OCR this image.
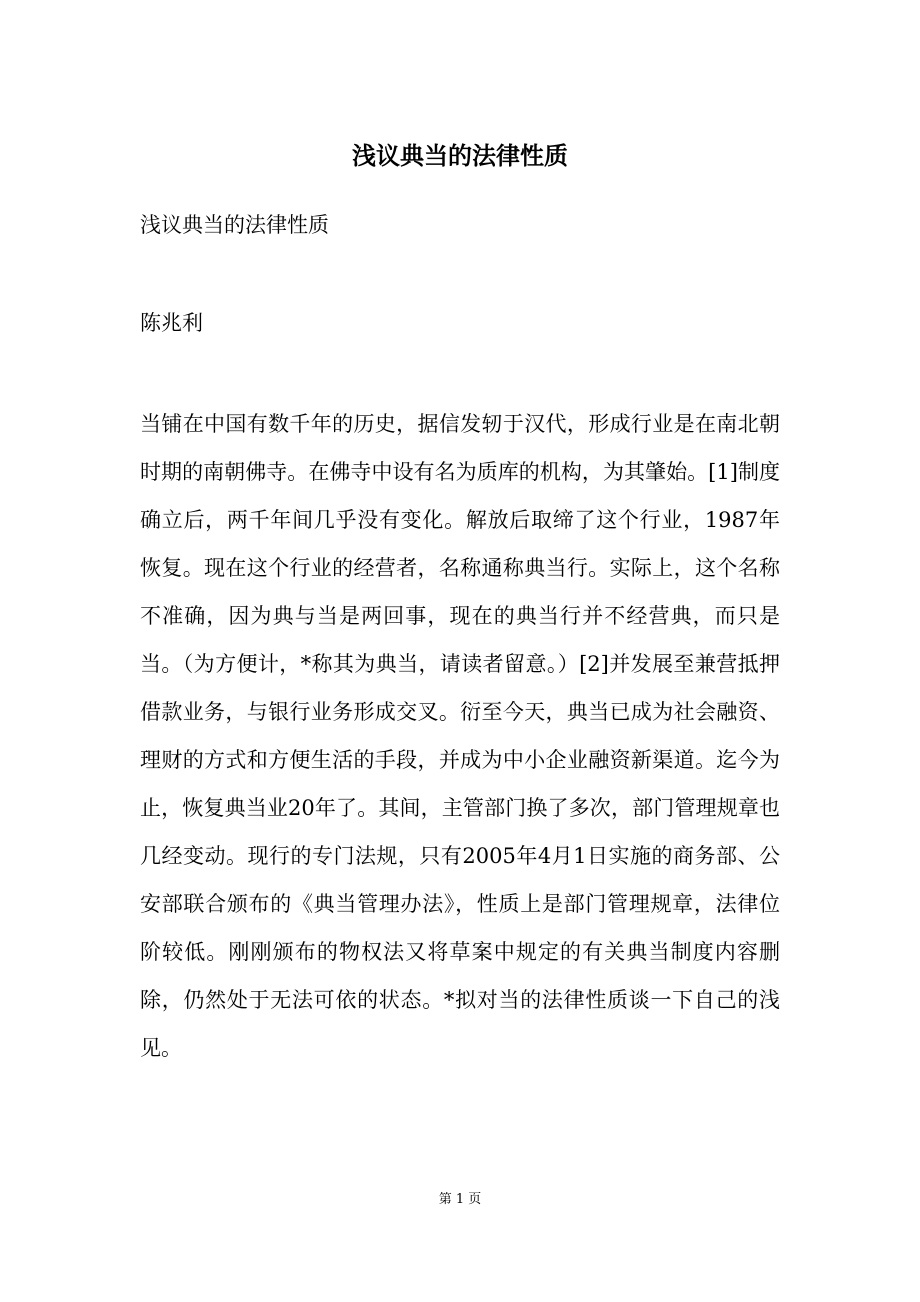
浅议典当的法律性质

浅议典当的法律性质

陈兆利

当铺在中国有数千年的历史，据信发轫于汉代，形成行业是在南北朝时期的南朝佛寺。在佛寺中设有名为质库的机构，为其肇始。[1]制度确立后，两千年间几乎没有变化。解放后取缔了这个行业，1987年恢复。现在这个行业的经营者，名称通称典当行。实际上，这个名称不准确，因为典与当是两回事，现在的典当行并不经营典，而只是当。（为方便计，*称其为典当，请读者留意。）[2]并发展至兼营抵押借款业务，与银行业务形成交叉。衍至今天，典当已成为社会融资、理财的方式和方便生活的手段，并成为中小企业融资新渠道。迄今为止，恢复典当业20年了。其间，主管部门换了多次，部门管理规章也几经变动。现行的专门法规，只有2005年4月1日实施的商务部、公安部联合颁布的《典当管理办法》，性质上是部门管理规章，法律位阶较低。刚刚颁布的物权法又将草案中规定的有关典当制度内容删除，仍然处于无法可依的状态。*拟对当的法律性质谈一下自己的浅见。

第 1 页
